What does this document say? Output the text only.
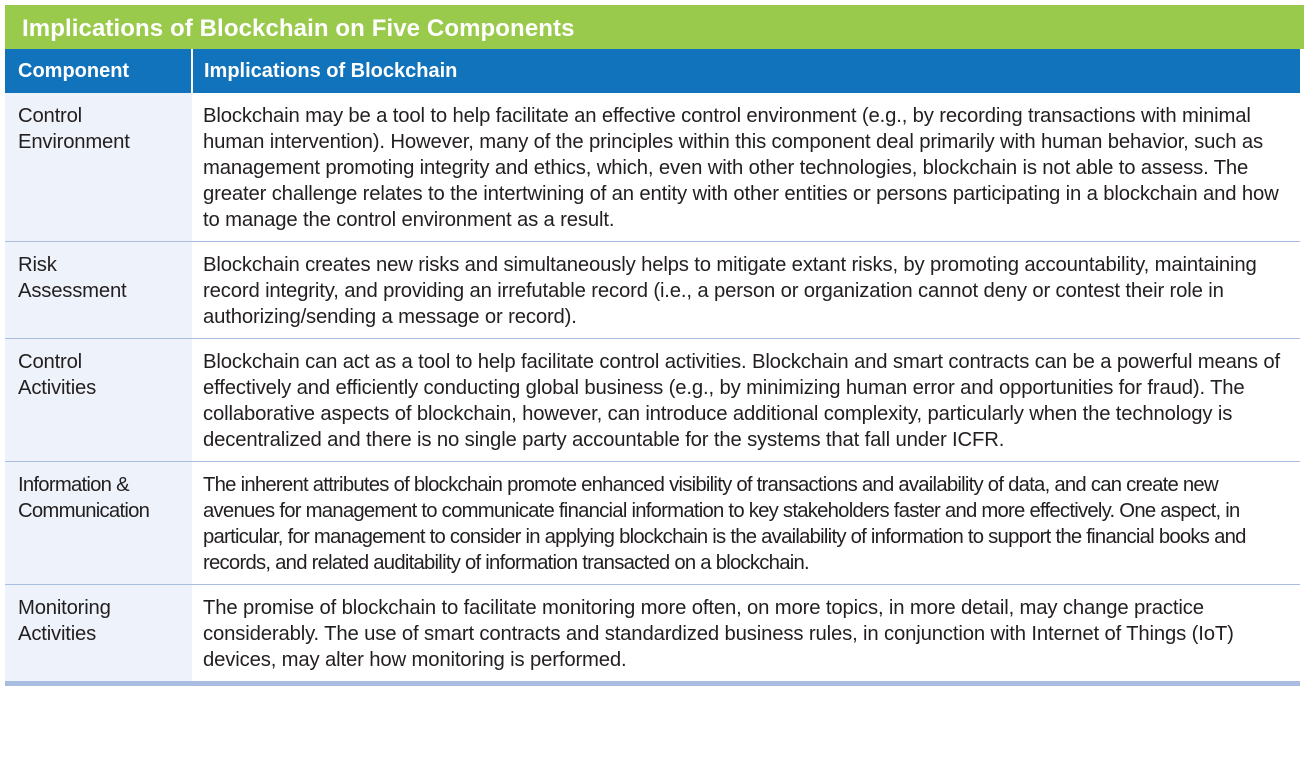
Implications of Blockchain on Five Components
Component	Implications of Blockchain

Control
Environment	Blockchain may be a tool to help facilitate an effective control environment (e.g., by recording transactions with minimal human intervention). However, many of the principles within this component deal primarily with human behavior, such as management promoting integrity and ethics, which, even with other technologies, blockchain is not able to assess. The greater challenge relates to the intertwining of an entity with other entities or persons participating in a blockchain and how to manage the control environment as a result.

Risk
Assessment	Blockchain creates new risks and simultaneously helps to mitigate extant risks, by promoting accountability, maintaining record integrity, and providing an irrefutable record (i.e., a person or organization cannot deny or contest their role in authorizing/sending a message or record).

Control
Activities	Blockchain can act as a tool to help facilitate control activities. Blockchain and smart contracts can be a powerful means of effectively and efficiently conducting global business (e.g., by minimizing human error and opportunities for fraud). The collaborative aspects of blockchain, however, can introduce additional complexity, particularly when the technology is decentralized and there is no single party accountable for the systems that fall under ICFR.

Information &
Communication	The inherent attributes of blockchain promote enhanced visibility of transactions and availability of data, and can create new avenues for management to communicate financial information to key stakeholders faster and more effectively. One aspect, in particular, for management to consider in applying blockchain is the availability of information to support the financial books and records, and related auditability of information transacted on a blockchain.

Monitoring
Activities	The promise of blockchain to facilitate monitoring more often, on more topics, in more detail, may change practice considerably. The use of smart contracts and standardized business rules, in conjunction with Internet of Things (IoT) devices, may alter how monitoring is performed.
